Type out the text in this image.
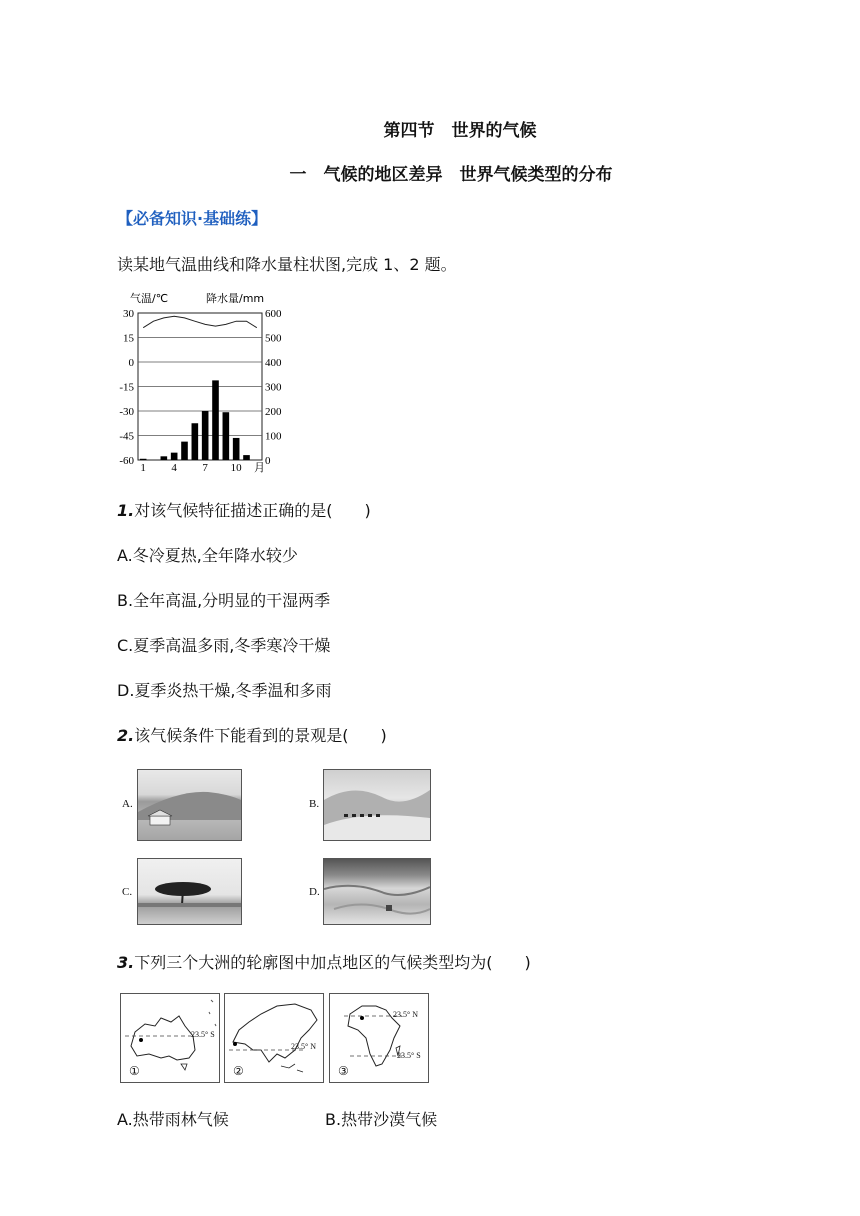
第四节　世界的气候
一　气候的地区差异　世界气候类型的分布
【必备知识·基础练】
读某地气温曲线和降水量柱状图,完成 1、2 题。
气温/℃	降水量/mm
30
15
0
-15
-30
-45
-60
600
500
400
300
200
100
0
1 4 7 10 月
1.对该气候特征描述正确的是(　　)
A.冬冷夏热,全年降水较少
B.全年高温,分明显的干湿两季
C.夏季高温多雨,冬季寒冷干燥
D.夏季炎热干燥,冬季温和多雨
2.该气候条件下能看到的景观是(　　)
A.	B.
C.	D.
3.下列三个大洲的轮廓图中加点地区的气候类型均为(　　)
23.5° S
①
23.5° N
②
23.5° N
23.5° S
③
A.热带雨林气候	B.热带沙漠气候
